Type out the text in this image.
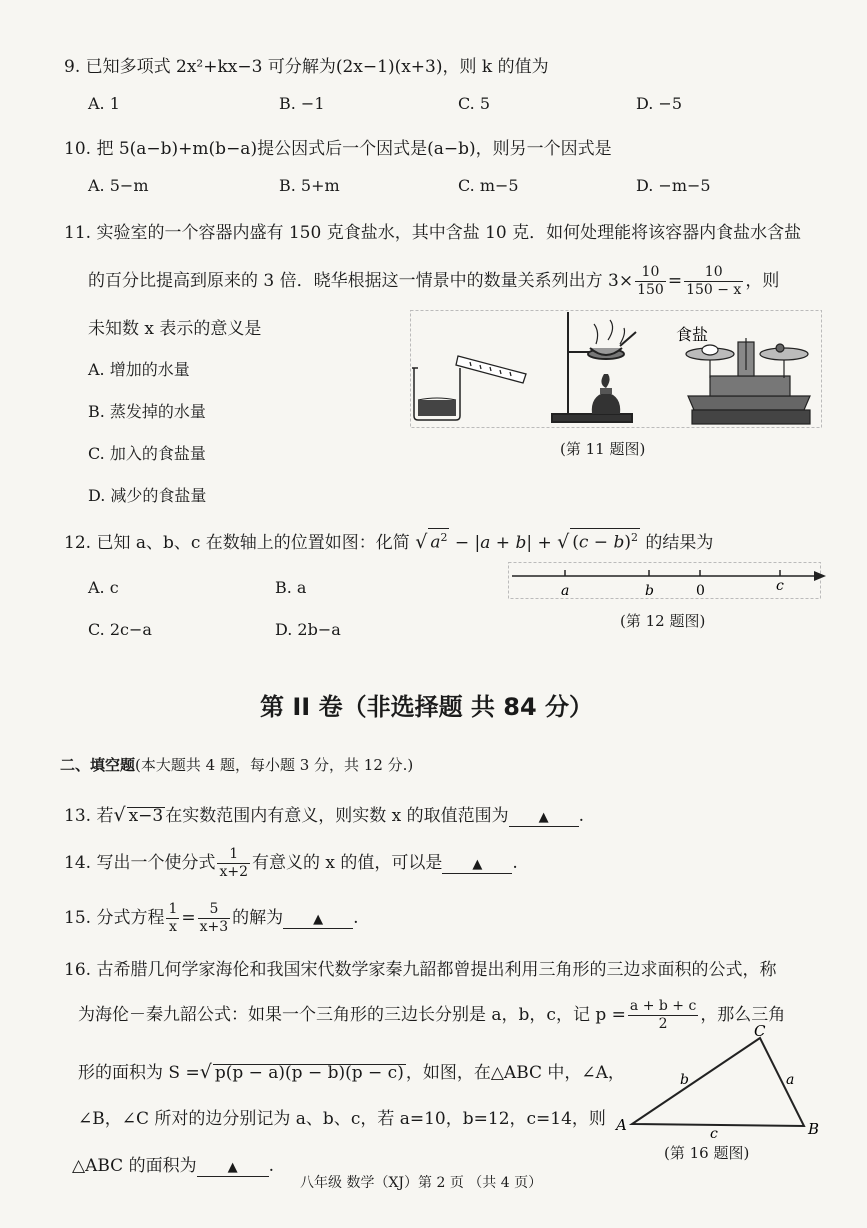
9. 已知多项式 2x²+kx−3 可分解为(2x−1)(x+3)，则 k 的值为
A. 1	B. −1	C. 5	D. −5
10. 把 5(a−b)+m(b−a)提公因式后一个因式是(a−b)，则另一个因式是
A. 5−m	B. 5+m	C. m−5	D. −m−5
11. 实验室的一个容器内盛有 150 克食盐水，其中含盐 10 克．如何处理能将该容器内食盐水含盐
的百分比提高到原来的 3 倍．晓华根据这一情景中的数量关系列出方 $3\times \frac{10}{150} = \frac{10}{150 - x}$ ，则
未知数 x 表示的意义是
A. 增加的水量
B. 蒸发掉的水量
C. 加入的食盐量
D. 减少的食盐量
食盐
(第 11 题图)
12. 已知 a、b、c 在数轴上的位置如图：化简 √ $a^2 - |a + b|$ + √ $(c - b)^2$ 的结果为
A. c	B. a
C. 2c−a	D. 2b−a
a	b	0	c
(第 12 题图)
第 II 卷（非选择题 共 84 分）
二、填空题(本大题共 4 题，每小题 3 分，共 12 分.)
13. 若√ x−3 在实数范围内有意义，则实数 x 的取值范围为 ▲ .
14. 写出一个使分式 $\frac{1}{x+2}$ 有意义的 x 的值，可以是 ▲ .
15. 分式方程 $\frac{1}{x} = \frac{5}{x+3}$ 的解为 ▲ .
16. 古希腊几何学家海伦和我国宋代数学家秦九韶都曾提出利用三角形的三边求面积的公式，称
为海伦－秦九韶公式：如果一个三角形的三边长分别是 a，b，c，记 $p = \frac{a + b + c}{2}$ ，那么三角
形的面积为 S =√ p(p − a)(p − b)(p − c) ，如图，在△ABC 中，∠A，
∠B，∠C 所对的边分别记为 a、b、c，若 a=10，b=12，c=14，则
△ABC 的面积为 ▲ .
A	B
C
a
b
c
(第 16 题图)
八年级 数学（XJ）第 2 页 （共 4 页）
